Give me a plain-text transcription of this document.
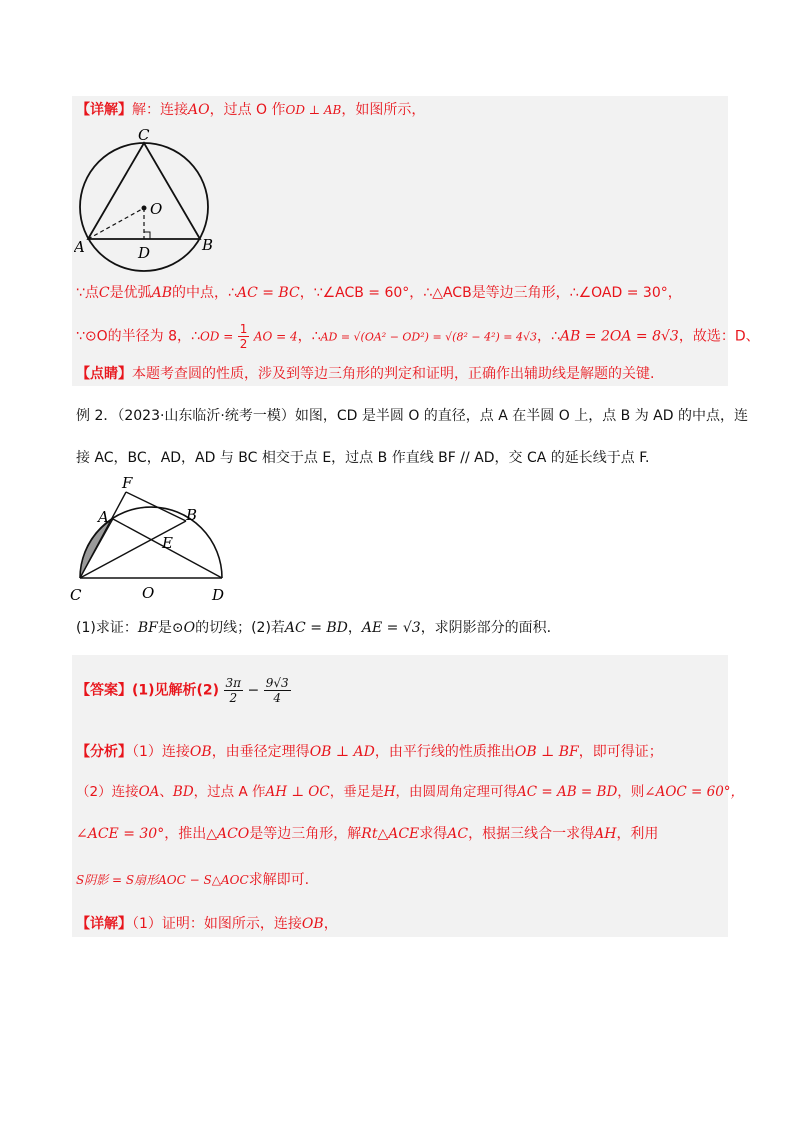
【详解】解：连接AO，过点 O 作OD ⊥ AB，如图所示，
C
O
A	B
D
∵点C是优弧AB的中点，∴AC = BC，∵∠ACB = 60°，∴△ACB是等边三角形，∴∠OAD = 30°，
∵⊙O的半径为 8，∴OD = $\frac{1}{2}$ AO = 4，∴AD = √(OA² − OD²) = √(8² − 4²) = 4√3，∴AB = 2OA = 8√3，故选：D、
【点睛】本题考查圆的性质，涉及到等边三角形的判定和证明，正确作出辅助线是解题的关键.
例 2．（2023·山东临沂·统考一模）如图，CD 是半圆 O 的直径，点 A 在半圆 O 上，点 B 为 AD 的中点，连
接 AC，BC，AD，AD 与 BC 相交于点 E，过点 B 作直线 BF // AD，交 CA 的延长线于点 F.
F
A	B
E
C	O	D
(1)求证：BF是⊙O的切线；(2)若AC = BD，AE = √3，求阴影部分的面积.
【答案】(1)见解析$(2) \frac{3\pi}{2} - \frac{9√3}{4}$
【分析】（1）连接OB，由垂径定理得OB ⊥ AD，由平行线的性质推出OB ⊥ BF，即可得证；
（2）连接OA、BD，过点 A 作AH ⊥ OC，垂足是H，由圆周角定理可得AC = AB = BD，则∠AOC = 60°，
∠ACE = 30°，推出△ACO是等边三角形，解Rt△ACE求得AC，根据三线合一求得AH，利用
S阴影 = S扇形AOC − S△AOC求解即可.
【详解】（1）证明：如图所示，连接OB，
